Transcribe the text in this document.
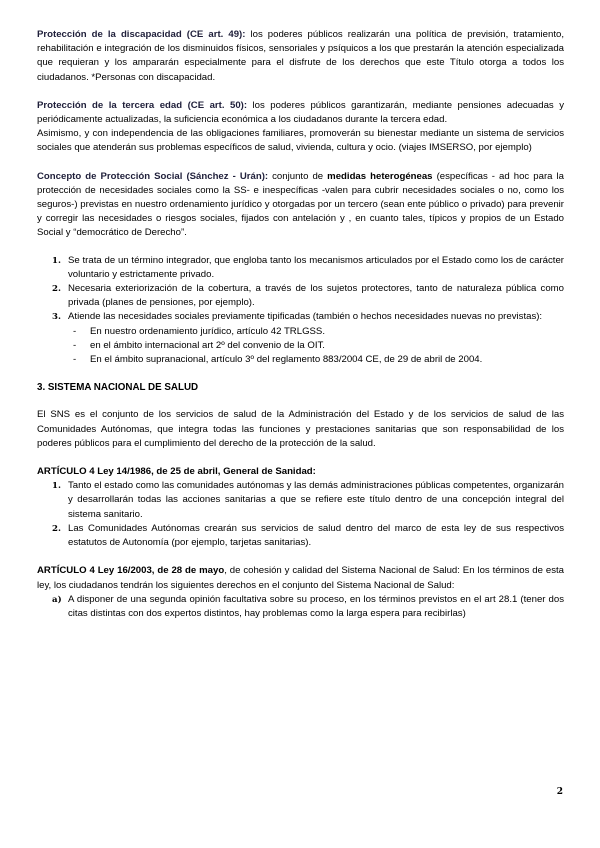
Protección de la discapacidad (CE art. 49): los poderes públicos realizarán una política de previsión, tratamiento, rehabilitación e integración de los disminuidos físicos, sensoriales y psíquicos a los que prestarán la atención especializada que requieran y los ampararán especialmente para el disfrute de los derechos que este Título otorga a todos los ciudadanos. *Personas con discapacidad.

Protección de la tercera edad (CE art. 50): los poderes públicos garantizarán, mediante pensiones adecuadas y periódicamente actualizadas, la suficiencia económica a los ciudadanos durante la tercera edad.

Asimismo, y con independencia de las obligaciones familiares, promoverán su bienestar mediante un sistema de servicios sociales que atenderán sus problemas específicos de salud, vivienda, cultura y ocio. (viajes IMSERSO, por ejemplo)

Concepto de Protección Social (Sánchez - Urán): conjunto de medidas heterogéneas (específicas - ad hoc para la protección de necesidades sociales como la SS- e inespecíficas -valen para cubrir necesidades sociales o no, como los seguros-) previstas en nuestro ordenamiento jurídico y otorgadas por un tercero (sean ente público o privado) para prevenir y corregir las necesidades o riesgos sociales, fijados con antelación y , en cuanto tales, típicos y propios de un Estado Social y “democrático de Derecho”.

1. Se trata de un término integrador, que engloba tanto los mecanismos articulados por el Estado como los de carácter voluntario y estrictamente privado.
2. Necesaria exteriorización de la cobertura, a través de los sujetos protectores, tanto de naturaleza pública como privada (planes de pensiones, por ejemplo).
3. Atiende las necesidades sociales previamente tipificadas (también o hechos necesidades nuevas no previstas):
-	En nuestro ordenamiento jurídico, artículo 42 TRLGSS.
-	en el ámbito internacional art 2º del convenio de la OIT.
-	En el ámbito supranacional, artículo 3º del reglamento 883/2004 CE, de 29 de abril de 2004.

3. SISTEMA NACIONAL DE SALUD

El SNS es el conjunto de los servicios de salud de la Administración del Estado y de los servicios de salud de las Comunidades Autónomas, que integra todas las funciones y prestaciones sanitarias que son responsabilidad de los poderes públicos para el cumplimiento del derecho de la protección de la salud.

ARTÍCULO 4 Ley 14/1986, de 25 de abril, General de Sanidad:

1. Tanto el estado como las comunidades autónomas y las demás administraciones públicas competentes, organizarán y desarrollarán todas las acciones sanitarias a que se refiere este título dentro de una concepción integral del sistema sanitario.
2. Las Comunidades Autónomas crearán sus servicios de salud dentro del marco de esta ley de sus respectivos estatutos de Autonomía (por ejemplo, tarjetas sanitarias).

ARTÍCULO 4 Ley 16/2003, de 28 de mayo, de cohesión y calidad del Sistema Nacional de Salud: En los términos de esta ley, los ciudadanos tendrán los siguientes derechos en el conjunto del Sistema Nacional de Salud:

a) A disponer de una segunda opinión facultativa sobre su proceso, en los términos previstos en el art 28.1 (tener dos citas distintas con dos expertos distintos, hay problemas como la larga espera para recibirlas)
2
